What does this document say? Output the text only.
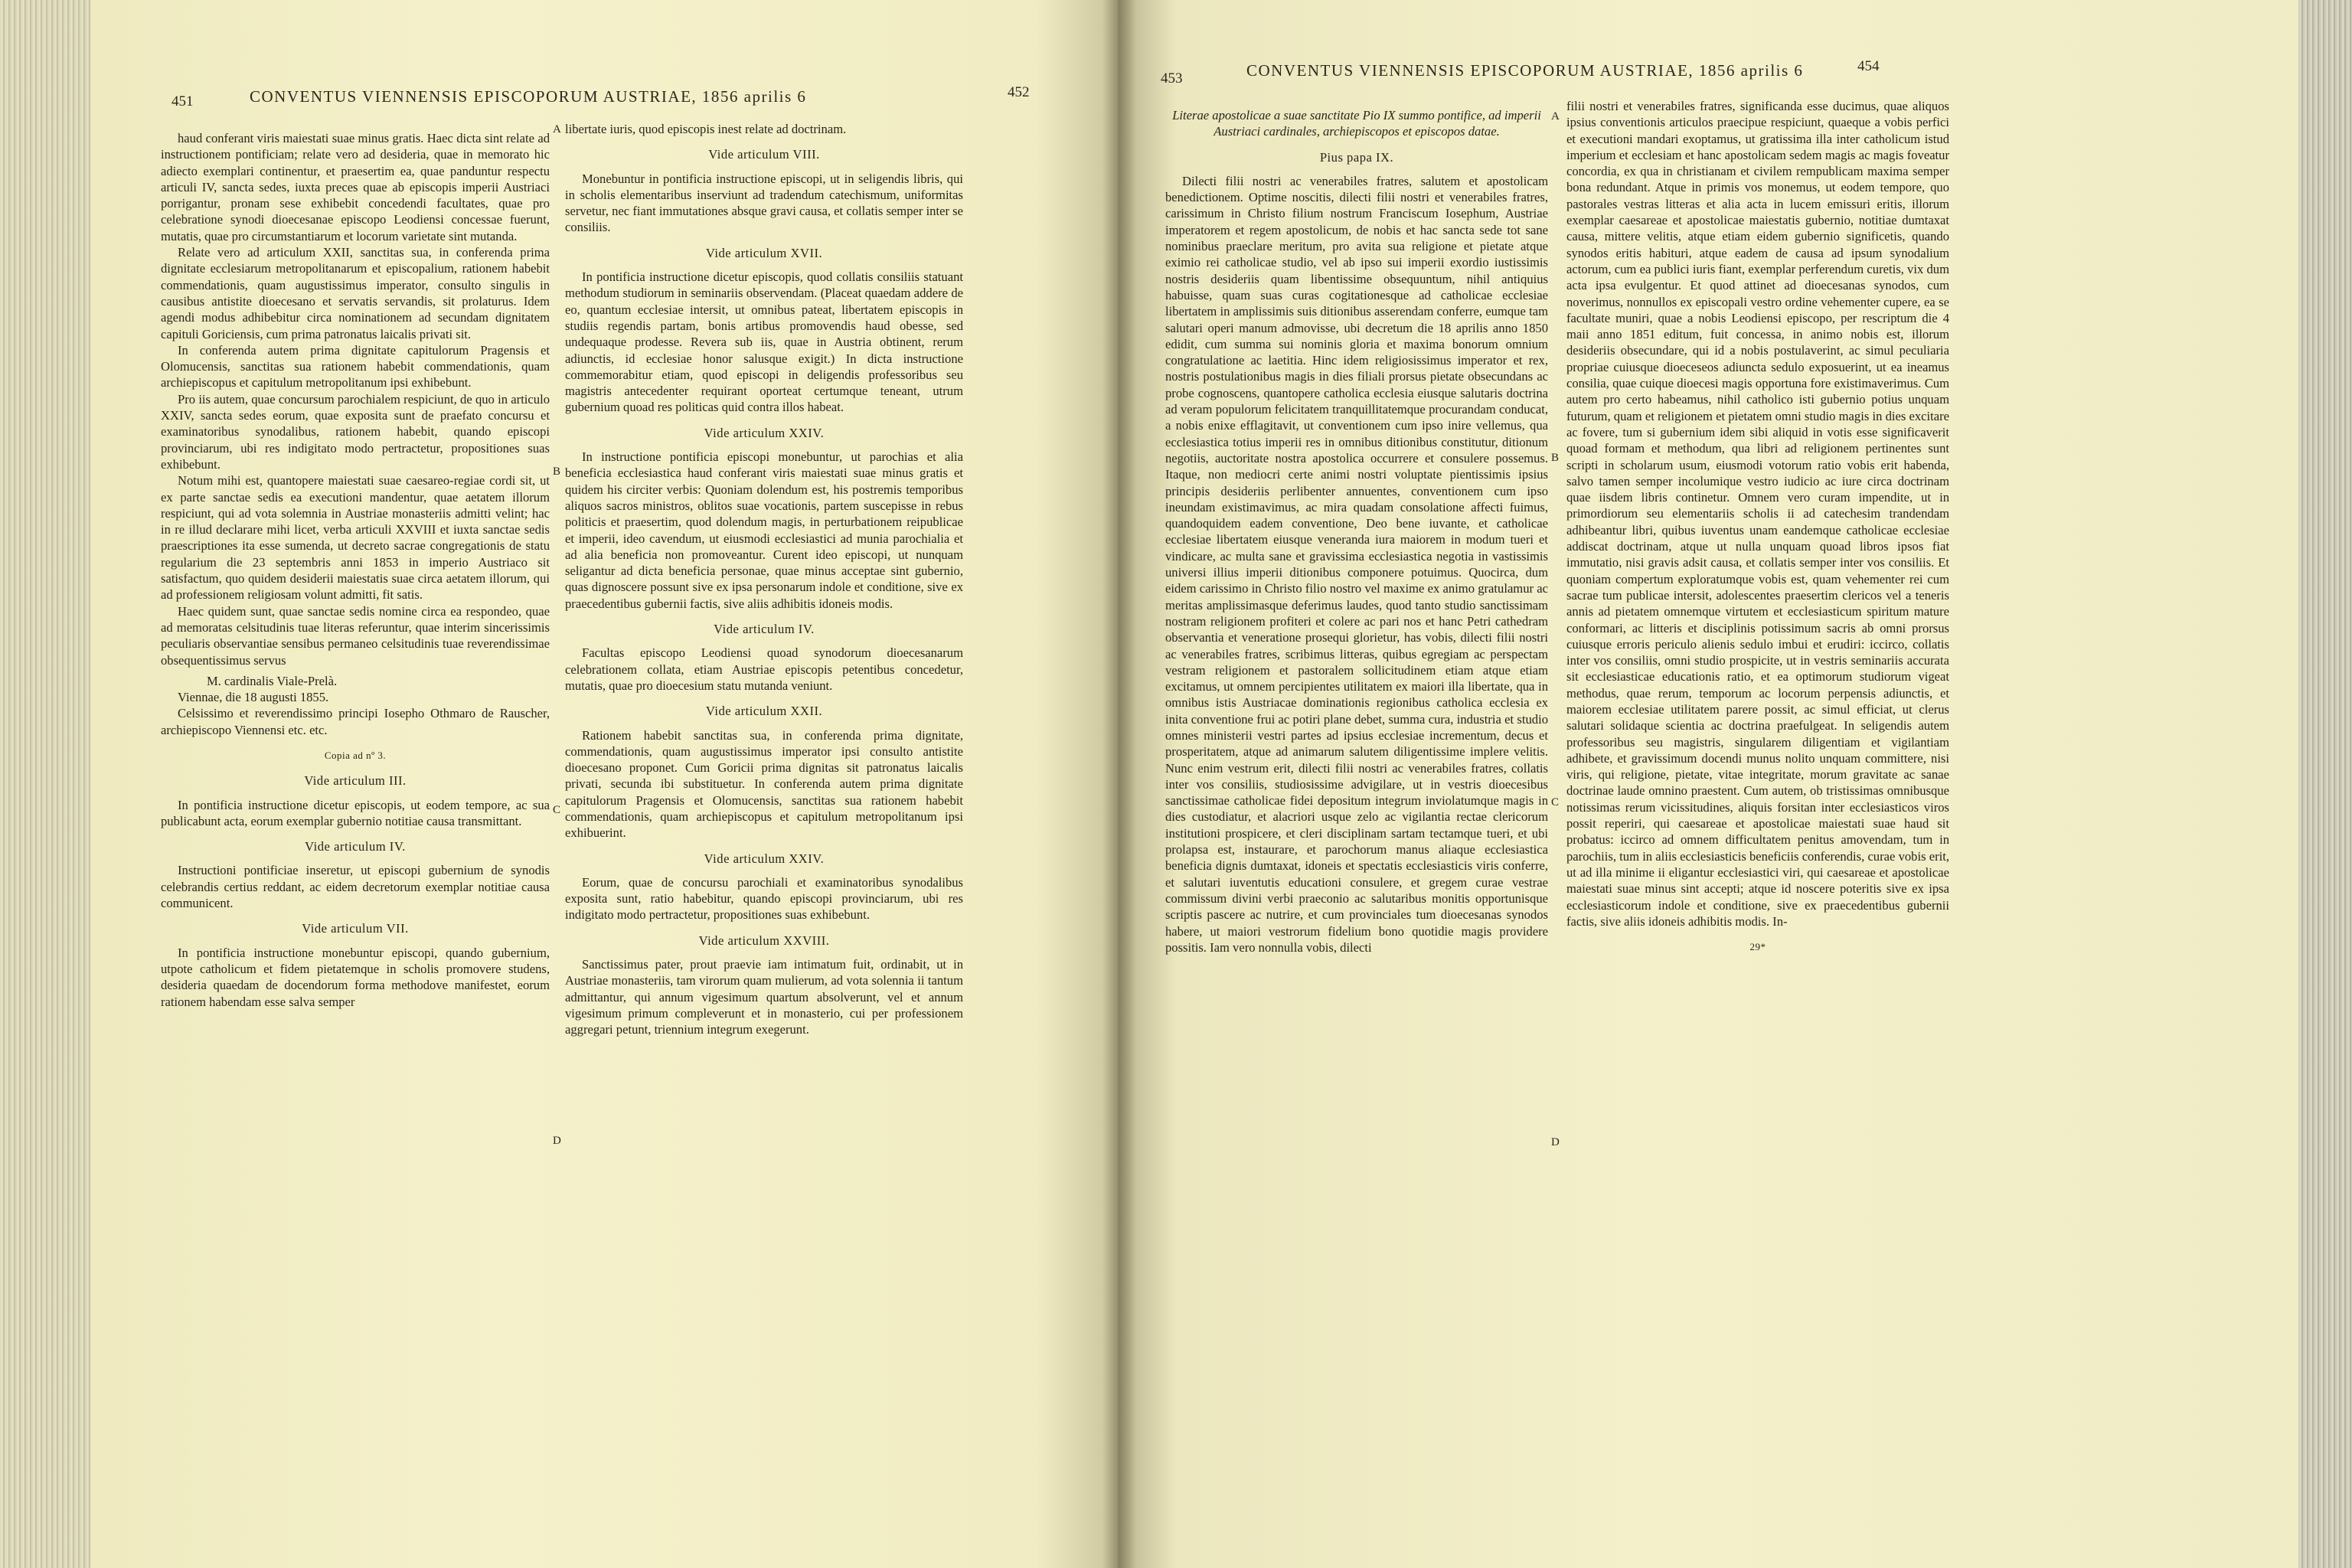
451	CONVENTUS VIENNENSIS EPISCOPORUM AUSTRIAE, 1856 aprilis 6	452

haud conferant viris maiestati suae minus gratis. Haec dicta sint relate ad instructionem pontificiam; relate vero ad desideria, quae in memorato hic adiecto exemplari continentur, et praesertim ea, quae panduntur respectu articuli IV, sancta sedes, iuxta preces quae ab episcopis imperii Austriaci porrigantur, pronam sese exhibebit concedendi facultates, quae pro celebratione synodi dioecesanae episcopo Leodiensi concessae fuerunt, mutatis, quae pro circumstantiarum et locorum varietate sint mutanda.

Relate vero ad articulum XXII, sanctitas sua, in conferenda prima dignitate ecclesiarum metropolitanarum et episcopalium, rationem habebit commendationis, quam augustissimus imperator, consulto singulis in causibus antistite dioecesano et servatis servandis, sit prolaturus. Idem agendi modus adhibebitur circa nominationem ad secundam dignitatem capituli Goriciensis, cum prima patronatus laicalis privati sit.

In conferenda autem prima dignitate capitulorum Pragensis et Olomucensis, sanctitas sua rationem habebit commendationis, quam archiepiscopus et capitulum metropolitanum ipsi exhibebunt.

Pro iis autem, quae concursum parochialem respiciunt, de quo in articulo XXIV, sancta sedes eorum, quae exposita sunt de praefato concursu et examinatoribus synodalibus, rationem habebit, quando episcopi provinciarum, ubi res indigitato modo pertractetur, propositiones suas exhibebunt.

Notum mihi est, quantopere maiestati suae caesareo-regiae cordi sit, ut ex parte sanctae sedis ea executioni mandentur, quae aetatem illorum respiciunt, qui ad vota solemnia in Austriae monasteriis admitti velint; hac in re illud declarare mihi licet, verba articuli XXVIII et iuxta sanctae sedis praescriptiones ita esse sumenda, ut decreto sacrae congregationis de statu regularium die 23 septembris anni 1853 in imperio Austriaco sit satisfactum, quo quidem desiderii maiestatis suae circa aetatem illorum, qui ad professionem religiosam volunt admitti, fit satis.

Haec quidem sunt, quae sanctae sedis nomine circa ea respondeo, quae ad memoratas celsitudinis tuae literas referuntur, quae interim sincerissimis peculiaris observantiae sensibus permaneo celsitudinis tuae reverendissimae obsequentissimus servus

M. cardinalis Viale-Prelà.

Viennae, die 18 augusti 1855.

Celsissimo et reverendissimo principi Iosepho Othmaro de Rauscher, archiepiscopo Viennensi etc. etc.

Copia ad nº 3.

Vide articulum III.

In pontificia instructione dicetur episcopis, ut eodem tempore, ac sua publicabunt acta, eorum exemplar gubernio notitiae causa transmittant.

Vide articulum IV.

Instructioni pontificiae inseretur, ut episcopi gubernium de synodis celebrandis certius reddant, ac eidem decretorum exemplar notitiae causa communicent.

Vide articulum VII.

In pontificia instructione monebuntur episcopi, quando gubernium, utpote catholicum et fidem pietatemque in scholis promovere studens, desideria quaedam de docendorum forma methodove manifestet, eorum rationem habendam esse salva semper

libertate iuris, quod episcopis inest relate ad doctrinam.

Vide articulum VIII.

Monebuntur in pontificia instructione episcopi, ut in seligendis libris, qui in scholis elementaribus inserviunt ad tradendum catechismum, uniformitas servetur, nec fiant immutationes absque gravi causa, et collatis semper inter se consiliis.

Vide articulum XVII.

In pontificia instructione dicetur episcopis, quod collatis consiliis statuant methodum studiorum in seminariis observendam. (Placeat quaedam addere de eo, quantum ecclesiae intersit, ut omnibus pateat, libertatem episcopis in studiis regendis partam, bonis artibus promovendis haud obesse, sed undequaque prodesse. Revera sub iis, quae in Austria obtinent, rerum adiunctis, id ecclesiae honor salusque exigit.) In dicta instructione commemorabitur etiam, quod episcopi in deligendis professoribus seu magistris antecedenter requirant oporteat certumque teneant, utrum gubernium quoad res politicas quid contra illos habeat.

Vide articulum XXIV.

In instructione pontificia episcopi monebuntur, ut parochias et alia beneficia ecclesiastica haud conferant viris maiestati suae minus gratis et quidem his circiter verbis: Quoniam dolendum est, his postremis temporibus aliquos sacros ministros, oblitos suae vocationis, partem suscepisse in rebus politicis et praesertim, quod dolendum magis, in perturbationem reipublicae et imperii, ideo cavendum, ut eiusmodi ecclesiastici ad munia parochialia et ad alia beneficia non promoveantur. Curent ideo episcopi, ut nunquam seligantur ad dicta beneficia personae, quae minus acceptae sint gubernio, quas dignoscere possunt sive ex ipsa personarum indole et conditione, sive ex praecedentibus gubernii factis, sive aliis adhibitis idoneis modis.

Vide articulum IV.

Facultas episcopo Leodiensi quoad synodorum dioecesanarum celebrationem collata, etiam Austriae episcopis petentibus concedetur, mutatis, quae pro dioecesium statu mutanda veniunt.

Vide articulum XXII.

Rationem habebit sanctitas sua, in conferenda prima dignitate, commendationis, quam augustissimus imperator ipsi consulto antistite dioecesano proponet. Cum Goricii prima dignitas sit patronatus laicalis privati, secunda ibi substituetur. In conferenda autem prima dignitate capitulorum Pragensis et Olomucensis, sanctitas sua rationem habebit commendationis, quam archiepiscopus et capitulum metropolitanum ipsi exhibuerint.

Vide articulum XXIV.

Eorum, quae de concursu parochiali et examinatoribus synodalibus exposita sunt, ratio habebitur, quando episcopi provinciarum, ubi res indigitato modo pertractetur, propositiones suas exhibebunt.

Vide articulum XXVIII.

Sanctissimus pater, prout praevie iam intimatum fuit, ordinabit, ut in Austriae monasteriis, tam virorum quam mulierum, ad vota solennia ii tantum admittantur, qui annum vigesimum quartum absolverunt, vel et annum vigesimum primum compleverunt et in monasterio, cui per professionem aggregari petunt, triennium integrum exegerunt.

A
B
C
D
453	CONVENTUS VIENNENSIS EPISCOPORUM AUSTRIAE, 1856 aprilis 6	454

Literae apostolicae a suae sanctitate Pio IX summo pontifice, ad imperii Austriaci cardinales, archiepiscopos et episcopos datae.

Pius papa IX.

Dilecti filii nostri ac venerabiles fratres, salutem et apostolicam benedictionem. Optime noscitis, dilecti filii nostri et venerabiles fratres, carissimum in Christo filium nostrum Franciscum Iosephum, Austriae imperatorem et regem apostolicum, de nobis et hac sancta sede tot sane nominibus praeclare meritum, pro avita sua religione et pietate atque eximio rei catholicae studio, vel ab ipso sui imperii exordio iustissimis nostris desideriis quam libentissime obsequuntum, nihil antiquius habuisse, quam suas curas cogitationesque ad catholicae ecclesiae libertatem in amplissimis suis ditionibus asserendam conferre, eumque tam salutari operi manum admovisse, ubi decretum die 18 aprilis anno 1850 edidit, cum summa sui nominis gloria et maxima bonorum omnium congratulatione ac laetitia. Hinc idem religiosissimus imperator et rex, nostris postulationibus magis in dies filiali prorsus pietate obsecundans ac probe cognoscens, quantopere catholica ecclesia eiusque salutaris doctrina ad veram populorum felicitatem tranquillitatemque procurandam conducat, a nobis enixe efflagitavit, ut conventionem cum ipso inire vellemus, qua ecclesiastica totius imperii res in omnibus ditionibus constitutur, ditionum negotiis, auctoritate nostra apostolica occurrere et consulere possemus. Itaque, non mediocri certe animi nostri voluptate pientissimis ipsius principis desideriis perlibenter annuentes, conventionem cum ipso ineundam existimavimus, ac mira quadam consolatione affecti fuimus, quandoquidem eadem conventione, Deo bene iuvante, et catholicae ecclesiae libertatem eiusque veneranda iura maiorem in modum tueri et vindicare, ac multa sane et gravissima ecclesiastica negotia in vastissimis universi illius imperii ditionibus componere potuimus. Quocirca, dum eidem carissimo in Christo filio nostro vel maxime ex animo gratulamur ac meritas amplissimasque deferimus laudes, quod tanto studio sanctissimam nostram religionem profiteri et colere ac pari nos et hanc Petri cathedram observantia et veneratione prosequi glorietur, has vobis, dilecti filii nostri ac venerabiles fratres, scribimus litteras, quibus egregiam ac perspectam vestram religionem et pastoralem sollicitudinem etiam atque etiam excitamus, ut omnem percipientes utilitatem ex maiori illa libertate, qua in omnibus istis Austriacae dominationis regionibus catholica ecclesia ex inita conventione frui ac potiri plane debet, summa cura, industria et studio omnes ministerii vestri partes ad ipsius ecclesiae incrementum, decus et prosperitatem, atque ad animarum salutem diligentissime implere velitis. Nunc enim vestrum erit, dilecti filii nostri ac venerabiles fratres, collatis inter vos consiliis, studiosissime advigilare, ut in vestris dioecesibus sanctissimae catholicae fidei depositum integrum inviolatumque magis in dies custodiatur, et alacriori usque zelo ac vigilantia rectae clericorum institutioni prospicere, et cleri disciplinam sartam tectamque tueri, et ubi prolapsa est, instaurare, et parochorum manus aliaque ecclesiastica beneficia dignis dumtaxat, idoneis et spectatis ecclesiasticis viris conferre, et salutari iuventutis educationi consulere, et gregem curae vestrae commissum divini verbi praeconio ac salutaribus monitis opportunisque scriptis pascere ac nutrire, et cum provinciales tum dioecesanas synodos habere, ut maiori vestrorum fidelium bono quotidie magis providere possitis. Iam vero nonnulla vobis, dilecti

filii nostri et venerabiles fratres, significanda esse ducimus, quae aliquos ipsius conventionis articulos praecipue respiciunt, quaeque a vobis perfici et executioni mandari exoptamus, ut gratissima illa inter catholicum istud imperium et ecclesiam et hanc apostolicam sedem magis ac magis foveatur concordia, ex qua in christianam et civilem rempublicam maxima semper bona redundant. Atque in primis vos monemus, ut eodem tempore, quo pastorales vestras litteras et alia acta in lucem emissuri eritis, illorum exemplar caesareae et apostolicae maiestatis gubernio, notitiae dumtaxat causa, mittere velitis, atque etiam eidem gubernio significetis, quando synodos eritis habituri, atque eadem de causa ad ipsum synodalium actorum, cum ea publici iuris fiant, exemplar perferendum curetis, vix dum acta ipsa evulgentur. Et quod attinet ad dioecesanas synodos, cum noverimus, nonnullos ex episcopali vestro ordine vehementer cupere, ea se facultate muniri, quae a nobis Leodiensi episcopo, per rescriptum die 4 maii anno 1851 editum, fuit concessa, in animo nobis est, illorum desideriis obsecundare, qui id a nobis postulaverint, ac simul peculiaria propriae cuiusque dioeceseos adiuncta sedulo exposuerint, ut ea ineamus consilia, quae cuique dioecesi magis opportuna fore existimaverimus. Cum autem pro certo habeamus, nihil catholico isti gubernio potius unquam futurum, quam et religionem et pietatem omni studio magis in dies excitare ac fovere, tum si gubernium idem sibi aliquid in votis esse significaverit quoad formam et methodum, qua libri ad religionem pertinentes sunt scripti in scholarum usum, eiusmodi votorum ratio vobis erit habenda, salvo tamen semper incolumique vestro iudicio ac iure circa doctrinam quae iisdem libris continetur. Omnem vero curam impendite, ut in primordiorum seu elementariis scholis ii ad catechesim trandendam adhibeantur libri, quibus iuventus unam eandemque catholicae ecclesiae addiscat doctrinam, atque ut nulla unquam quoad libros ipsos fiat immutatio, nisi gravis adsit causa, et collatis semper inter vos consiliis. Et quoniam compertum exploratumque vobis est, quam vehementer rei cum sacrae tum publicae intersit, adolescentes praesertim clericos vel a teneris annis ad pietatem omnemque virtutem et ecclesiasticum spiritum mature conformari, ac litteris et disciplinis potissimum sacris ab omni prorsus cuiusque erroris periculo alienis sedulo imbui et erudiri: iccirco, collatis inter vos consiliis, omni studio prospicite, ut in vestris seminariis accurata sit ecclesiasticae educationis ratio, et ea optimorum studiorum vigeat methodus, quae rerum, temporum ac locorum perpensis adiunctis, et maiorem ecclesiae utilitatem parere possit, ac simul efficiat, ut clerus salutari solidaque scientia ac doctrina praefulgeat. In seligendis autem professoribus seu magistris, singularem diligentiam et vigilantiam adhibete, et gravissimum docendi munus nolito unquam committere, nisi viris, qui religione, pietate, vitae integritate, morum gravitate ac sanae doctrinae laude omnino praestent. Cum autem, ob tristissimas omnibusque notissimas rerum vicissitudines, aliquis forsitan inter ecclesiasticos viros possit reperiri, qui caesareae et apostolicae maiestati suae haud sit probatus: iccirco ad omnem difficultatem penitus amovendam, tum in parochiis, tum in aliis ecclesiasticis beneficiis conferendis, curae vobis erit, ut ad illa minime ii eligantur ecclesiastici viri, qui caesareae et apostolicae maiestati suae minus sint accepti; atque id noscere poteritis sive ex ipsa ecclesiasticorum indole et conditione, sive ex praecedentibus gubernii factis, sive aliis idoneis adhibitis modis. In-

29*

A
B
C
D
